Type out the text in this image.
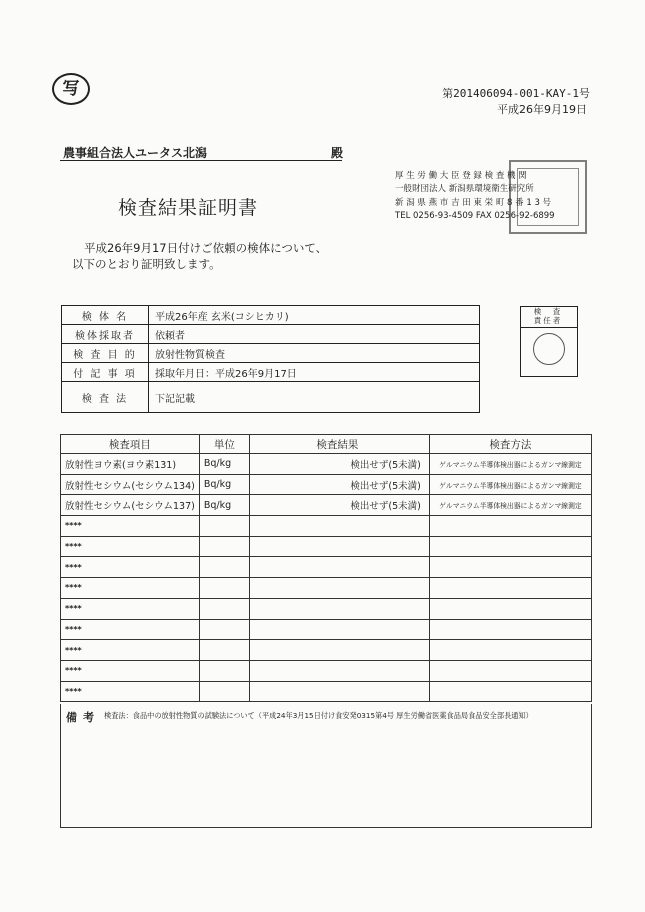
写	第201406094-001-KAY-1号
平成26年9月19日
農事組合法人ユータス北潟	殿
厚 生 労 働 大 臣 登 録 検 査 機 関
一般財団法人 新潟県環境衛生研究所
新 潟 県 燕 市 吉 田 東 栄 町 8 番 1 3 号
TEL 0256-93-4509 FAX 0256-92-6899
検査結果証明書
平成26年9月17日付けご依頼の検体について、
以下のとおり証明致します。
検 体 名	平成26年産 玄米(コシヒカリ)
検体採取者	依頼者
検 査 目 的	放射性物質検査
付 記 事 項	採取年月日：平成26年9月17日
検 査 法	下記記載
検　査
責任者
検査項目	単位	検査結果	検査方法
放射性ヨウ素(ヨウ素131)	Bq/kg	検出せず(5未満)	ゲルマニウム半導体検出器によるガンマ線測定
放射性セシウム(セシウム134)	Bq/kg	検出せず(5未満)	ゲルマニウム半導体検出器によるガンマ線測定
放射性セシウム(セシウム137)	Bq/kg	検出せず(5未満)	ゲルマニウム半導体検出器によるガンマ線測定
****			
****			
****			
****			
****			
****			
****			
****			
****			
備考 検査法：食品中の放射性物質の試験法について（平成24年3月15日付け食安発0315第4号 厚生労働省医薬食品局食品安全部長通知）
